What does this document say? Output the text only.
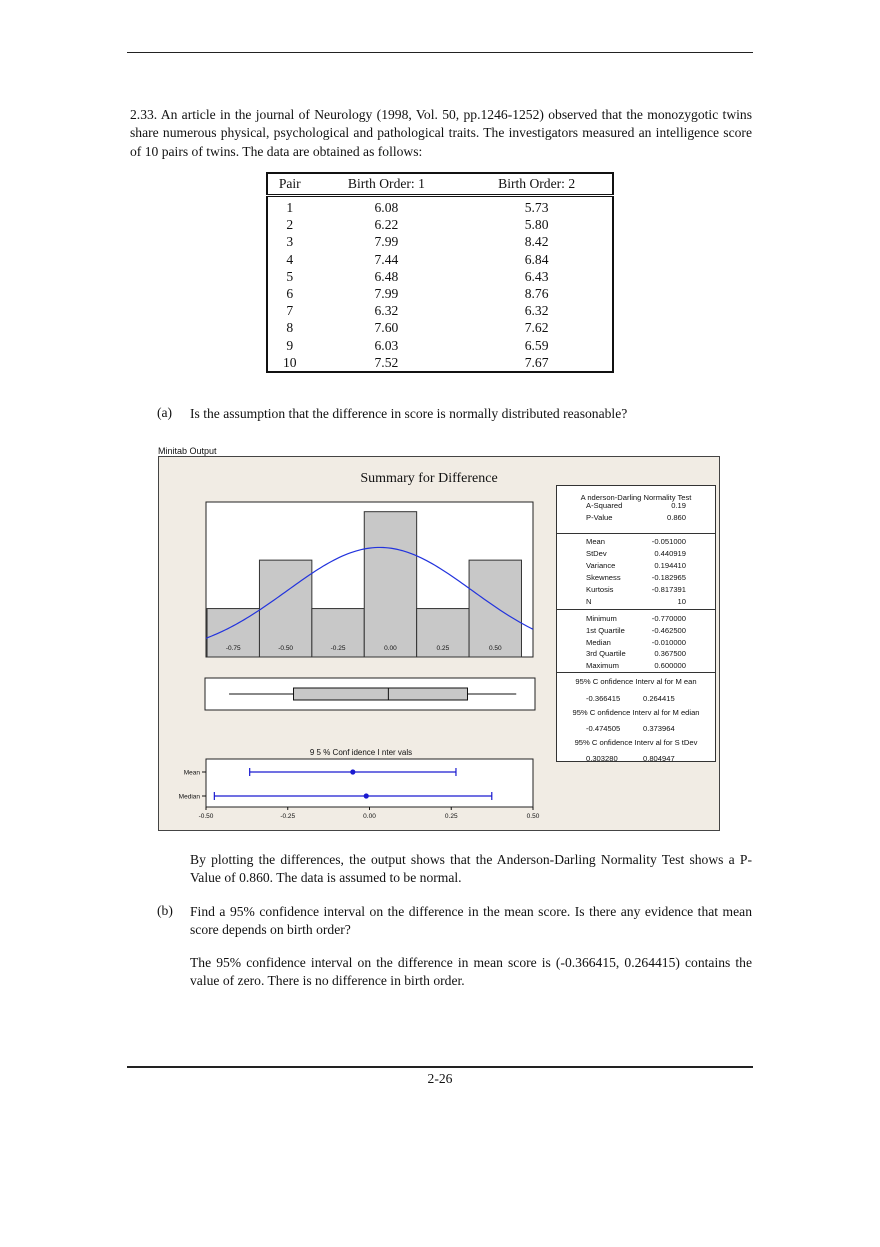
2.33. An article in the journal of Neurology (1998, Vol. 50, pp.1246-1252) observed that the monozygotic twins share numerous physical, psychological and pathological traits. The investigators measured an intelligence score of 10 pairs of twins. The data are obtained as follows:
Pair	Birth Order: 1	Birth Order: 2
1	6.08	5.73
2	6.22	5.80
3	7.99	8.42
4	7.44	6.84
5	6.48	6.43
6	7.99	8.76
7	6.32	6.32
8	7.60	7.62
9	6.03	6.59
10	7.52	7.67
(a) Is the assumption that the difference in score is normally distributed reasonable?
Minitab Output
Summary for Difference
-0.75	-0.50	-0.25	0.00	0.25	0.50
9 5 % Conf idence I nter vals
Mean
Median
-0.50	-0.25	0.00	0.25	0.50
A nderson-Darling Normality Test
A-Squared	0.19
P-Value	0.860
Mean	-0.051000
StDev	0.440919
Variance	0.194410
Skewness	-0.182965
Kurtosis	-0.817391
N	10
Minimum	-0.770000
1st Quartile	-0.462500
Median	-0.010000
3rd Quartile	0.367500
Maximum	0.600000
95% C onfidence Interv al for M ean
-0.366415	0.264415
95% C onfidence Interv al for M edian
-0.474505	0.373964
95% C onfidence Interv al for S tDev
0.303280	0.804947
By plotting the differences, the output shows that the Anderson-Darling Normality Test shows a P-Value of 0.860. The data is assumed to be normal.
(b) Find a 95% confidence interval on the difference in the mean score. Is there any evidence that mean score depends on birth order?
The 95% confidence interval on the difference in mean score is (-0.366415, 0.264415) contains the value of zero. There is no difference in birth order.
2-26
